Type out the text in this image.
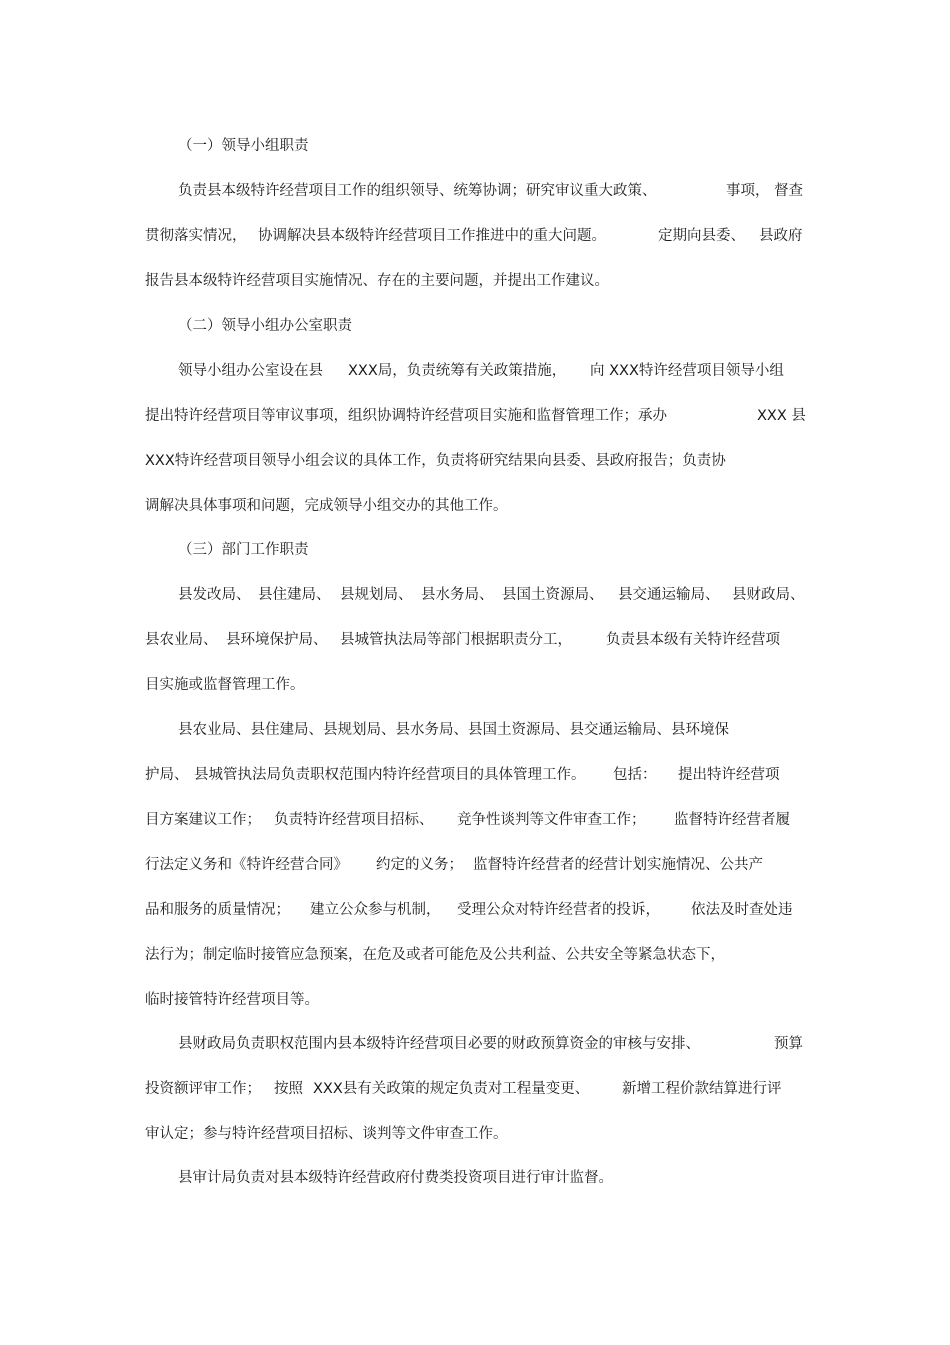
（一）领导小组职责

负责县本级特许经营项目工作的组织领导、统筹协调；研究审议重大政策、

	事项，

督查

贯彻落实情况，

协调解决县本级特许经营项目工作推进中的重大问题。

	定期向县委、

县政府

报告县本级特许经营项目实施情况、存在的主要问题，并提出工作建议。

（二）领导小组办公室职责

领导小组办公室设在县

XXX局，负责统筹有关政策措施，

向 XXX特许经营项目领导小组

提出特许经营项目等审议事项，组织协调特许经营项目实施和监督管理工作；承办

	XXX 县

XXX特许经营项目领导小组会议的具体工作，负责将研究结果向县委、县政府报告；负责协

调解决具体事项和问题，完成领导小组交办的其他工作。

（三）部门工作职责

县发改局、

县住建局、

县规划局、

县水务局、

县国土资源局、

县交通运输局、

县财政局、

县农业局、

县环境保护局、

县城管执法局等部门根据职责分工，

负责县本级有关特许经营项

目实施或监督管理工作。

县农业局、县住建局、县规划局、县水务局、县国土资源局、县交通运输局、县环境保

护局、

县城管执法局负责职权范围内特许经营项目的具体管理工作。

包括：

提出特许经营项

目方案建议工作；

负责特许经营项目招标、

竞争性谈判等文件审查工作；

监督特许经营者履

行法定义务和《特许经营合同》

约定的义务；

监督特许经营者的经营计划实施情况、公共产

品和服务的质量情况；

建立公众参与机制，

受理公众对特许经营者的投诉，

依法及时查处违

法行为；制定临时接管应急预案，在危及或者可能危及公共利益、公共安全等紧急状态下，

临时接管特许经营项目等。

县财政局负责职权范围内县本级特许经营项目必要的财政预算资金的审核与安排、

	预算

投资额评审工作；

按照

XXX县有关政策的规定负责对工程量变更、

新增工程价款结算进行评

审认定；参与特许经营项目招标、谈判等文件审查工作。

县审计局负责对县本级特许经营政府付费类投资项目进行审计监督。
